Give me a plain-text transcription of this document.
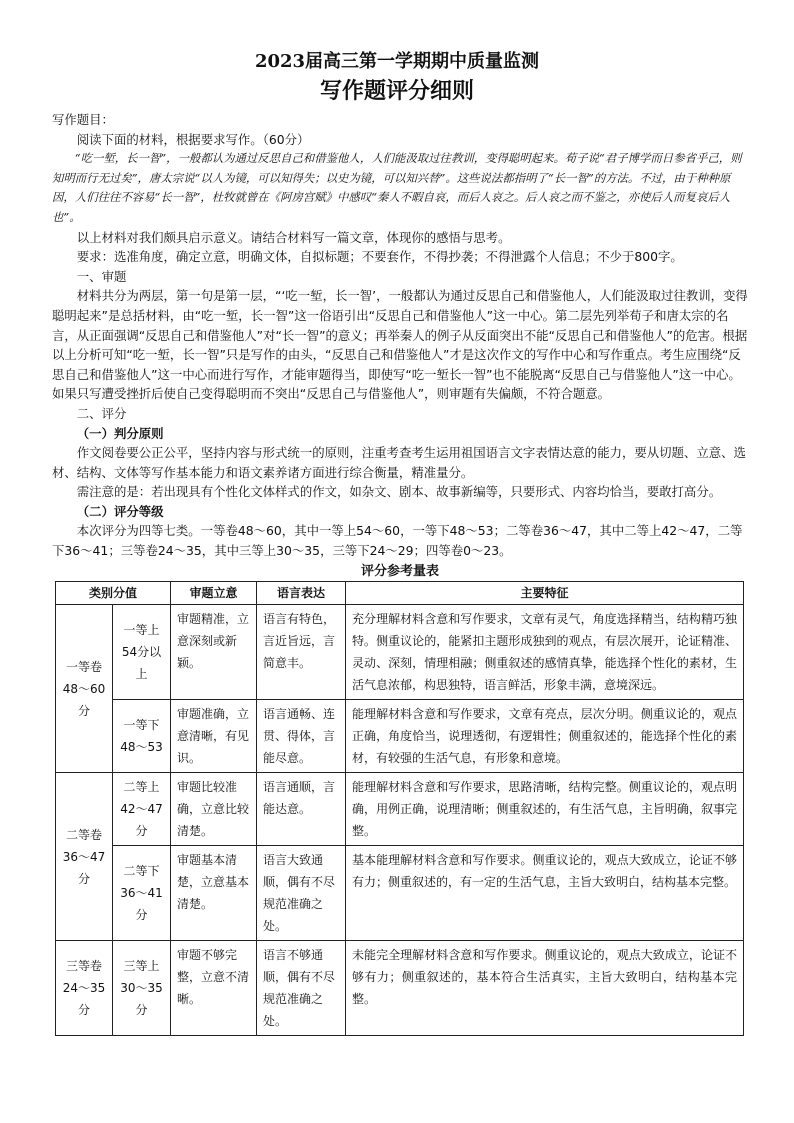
2023届高三第一学期期中质量监测
写作题评分细则

写作题目：

阅读下面的材料，根据要求写作。（60分）

“吃一堑，长一智”，一般都认为通过反思自己和借鉴他人，人们能汲取过往教训，变得聪明起来。荀子说“君子博学而日参省乎己，则知明而行无过矣”，唐太宗说“以人为镜，可以知得失；以史为镜，可以知兴替”。这些说法都指明了“长一智”的方法。不过，由于种种原因，人们往往不容易“长一智”，杜牧就曾在《阿房宫赋》中感叹“秦人不暇自哀，而后人哀之。后人哀之而不鉴之，亦使后人而复哀后人也”。

以上材料对我们颇具启示意义。请结合材料写一篇文章，体现你的感悟与思考。

要求：选准角度，确定立意，明确文体，自拟标题；不要套作，不得抄袭；不得泄露个人信息；不少于800字。

一、审题

材料共分为两层，第一句是第一层，“‘吃一堑，长一智’，一般都认为通过反思自己和借鉴他人，人们能汲取过往教训，变得聪明起来”是总括材料，由“吃一堑，长一智”这一俗语引出“反思自己和借鉴他人”这一中心。第二层先列举荀子和唐太宗的名言，从正面强调“反思自己和借鉴他人”对“长一智”的意义；再举秦人的例子从反面突出不能“反思自己和借鉴他人”的危害。根据以上分析可知“吃一堑，长一智”只是写作的由头，“反思自己和借鉴他人”才是这次作文的写作中心和写作重点。考生应围绕“反思自己和借鉴他人”这一中心而进行写作，才能审题得当，即使写“吃一堑长一智”也不能脱离“反思自己与借鉴他人”这一中心。如果只写遭受挫折后使自己变得聪明而不突出“反思自己与借鉴他人”，则审题有失偏颇，不符合题意。

二、评分

（一）判分原则

作文阅卷要公正公平，坚持内容与形式统一的原则，注重考查考生运用祖国语言文字表情达意的能力，要从切题、立意、选材、结构、文体等写作基本能力和语文素养诸方面进行综合衡量，精准量分。

需注意的是：若出现具有个性化文体样式的作文，如杂文、剧本、故事新编等，只要形式、内容均恰当，要敢打高分。

（二）评分等级

本次评分为四等七类。一等卷48～60，其中一等上54～60，一等下48～53；二等卷36～47，其中二等上42～47，二等下36～41；三等卷24～35，其中三等上30～35，三等下24～29；四等卷0～23。

评分参考量表
类别分值		审题立意	语言表达	主要特征
一等卷48～60分	一等上54分以上	审题精准，立意深刻或新颖。	语言有特色，言近旨远，言简意丰。	充分理解材料含意和写作要求，文章有灵气，角度选择精当，结构精巧独特。侧重议论的，能紧扣主题形成独到的观点，有层次展开，论证精准、灵动、深刻，情理相融；侧重叙述的感情真挚，能选择个性化的素材，生活气息浓郁，构思独特，语言鲜活，形象丰满，意境深远。
	一等下48～53	审题准确，立意清晰，有见识。	语言通畅、连贯、得体，言能尽意。	能理解材料含意和写作要求，文章有亮点，层次分明。侧重议论的，观点正确，角度恰当，说理透彻，有逻辑性；侧重叙述的，能选择个性化的素材，有较强的生活气息，有形象和意境。
二等卷36～47分	二等上42～47分	审题比较准确，立意比较清楚。	语言通顺，言能达意。	能理解材料含意和写作要求，思路清晰，结构完整。侧重议论的，观点明确，用例正确，说理清晰；侧重叙述的，有生活气息，主旨明确，叙事完整。
	二等下36～41分	审题基本清楚，立意基本清楚。	语言大致通顺，偶有不尽规范准确之处。	基本能理解材料含意和写作要求。侧重议论的，观点大致成立，论证不够有力；侧重叙述的，有一定的生活气息，主旨大致明白，结构基本完整。
三等卷24～35分	三等上30～35分	审题不够完整，立意不清晰。	语言不够通顺，偶有不尽规范准确之处。	未能完全理解材料含意和写作要求。侧重议论的，观点大致成立，论证不够有力；侧重叙述的，基本符合生活真实，主旨大致明白，结构基本完整。
